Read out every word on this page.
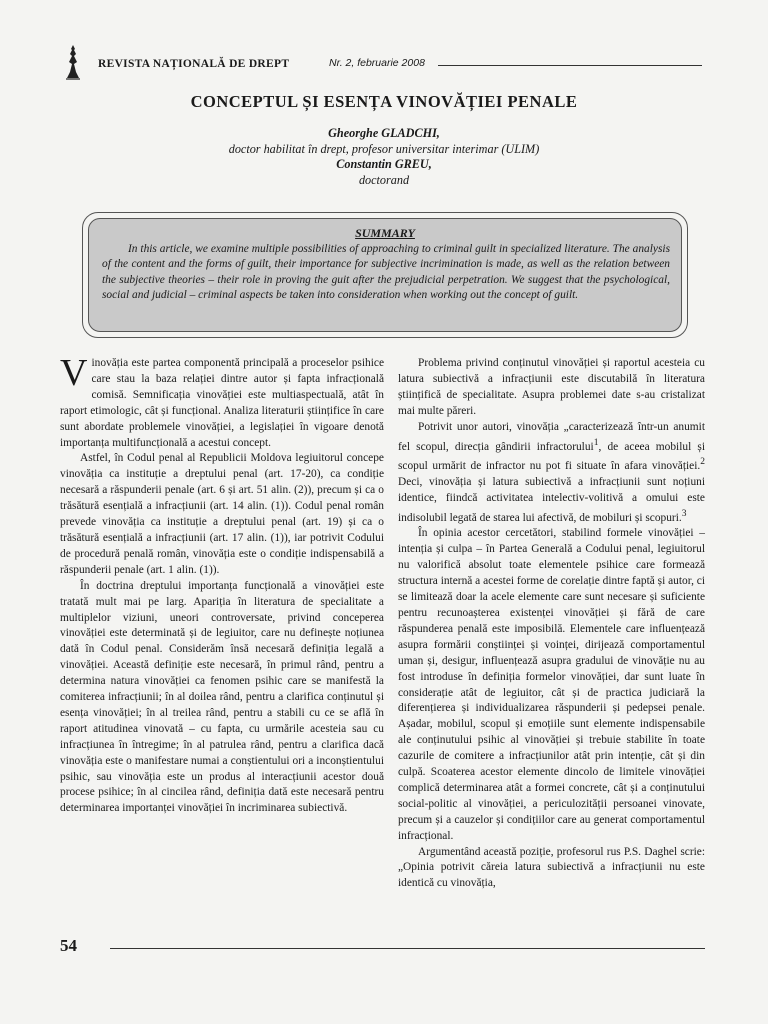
REVISTA NAȚIONALĂ DE DREPT	Nr. 2, februarie 2008
CONCEPTUL ȘI ESENȚA VINOVĂȚIEI PENALE
Gheorghe GLADCHI,
doctor habilitat în drept, profesor universitar interimar (ULIM)
Constantin GREU,
doctorand
SUMMARY
In this article, we examine multiple possibilities of approaching to criminal guilt in specialized literature. The analysis of the content and the forms of guilt, their importance for subjective incrimination is made, as well as the relation between the subjective theories – their role in proving the guit after the prejudicial perpetration. We suggest that the psychological, social and judicial – criminal aspects be taken into consideration when working out the concept of guilt.

Vinovăția este partea componentă principală a proceselor psihice care stau la baza relației dintre autor și fapta infracțională comisă. Semnificația vinovăției este multiaspectuală, atât în raport etimologic, cât și funcțional. Analiza literaturii științifice în care sunt abordate problemele vinovăției, a legislației în vigoare denotă importanța multifuncțională a acestui concept.

Astfel, în Codul penal al Republicii Moldova legiuitorul concepe vinovăția ca instituție a dreptului penal (art. 17-20), ca condiție necesară a răspunderii penale (art. 6 și art. 51 alin. (2)), precum și ca o trăsătură esențială a infracțiunii (art. 14 alin. (1)). Codul penal român prevede vinovăția ca instituție a dreptului penal (art. 19) și ca o trăsătură esențială a infracțiunii (art. 17 alin. (1)), iar potrivit Codului de procedură penală român, vinovăția este o condiție indispensabilă a răspunderii penale (art. 1 alin. (1)).

În doctrina dreptului importanța funcțională a vinovăției este tratată mult mai pe larg. Apariția în literatura de specialitate a multiplelor viziuni, uneori controversate, privind conceperea vinovăției este determinată și de legiuitor, care nu definește noțiunea dată în Codul penal. Considerăm însă necesară definiția legală a vinovăției. Această definiție este necesară, în primul rând, pentru a determina natura vinovăției ca fenomen psihic care se manifestă la comiterea infracțiunii; în al doilea rând, pentru a clarifica conținutul și esența vinovăției; în al treilea rând, pentru a stabili cu ce se află în raport atitudinea vinovată – cu fapta, cu urmările acesteia sau cu infracțiunea în întregime; în al patrulea rând, pentru a clarifica dacă vinovăția este o manifestare numai a conștientului ori a inconștientului psihic, sau vinovăția este un produs al interacțiunii acestor două procese psihice; în al cincilea rând, definiția dată este necesară pentru determinarea importanței vinovăției în incriminarea subiectivă.

Problema privind conținutul vinovăției și raportul acesteia cu latura subiectivă a infracțiunii este discutabilă în literatura științifică de specialitate. Asupra problemei date s-au cristalizat mai multe păreri.

Potrivit unor autori, vinovăția „caracterizează într-un anumit fel scopul, direcția gândirii infractorului$^1$, de aceea mobilul și scopul urmărit de infractor nu pot fi situate în afara vinovăției.$^2$ Deci, vinovăția și latura subiectivă a infracțiunii sunt noțiuni identice, fiindcă activitatea intelectiv-volitivă a omului este indisolubil legată de starea lui afectivă, de mobiluri și scopuri.$^3$

În opinia acestor cercetători, stabilind formele vinovăției – intenția și culpa – în Partea Generală a Codului penal, legiuitorul nu valorifică absolut toate elementele psihice care formează structura internă a acestei forme de corelație dintre faptă și autor, ci se limitează doar la acele elemente care sunt necesare și suficiente pentru recunoașterea existenței vinovăției și fără de care răspunderea penală este imposibilă. Elementele care influențează asupra formării conștiinței și voinței, dirijează comportamentul uman și, desigur, influențează asupra gradului de vinovăție nu au fost introduse în definiția formelor vinovăției, dar sunt luate în considerație atât de legiuitor, cât și de practica judiciară la diferențierea și individualizarea răspunderii și pedepsei penale. Așadar, mobilul, scopul și emoțiile sunt elemente indispensabile ale conținutului psihic al vinovăției și trebuie stabilite în toate cazurile de comitere a infracțiunilor atât prin intenție, cât și din culpă. Scoaterea acestor elemente dincolo de limitele vinovăției complică determinarea atât a formei concrete, cât și a conținutului social-politic al vinovăției, a periculozității persoanei vinovate, precum și a cauzelor și condițiilor care au generat comportamentul infracțional.

Argumentând această poziție, profesorul rus P.S. Daghel scrie: „Opinia potrivit căreia latura subiectivă a infracțiunii nu este identică cu vinovăția,

54
